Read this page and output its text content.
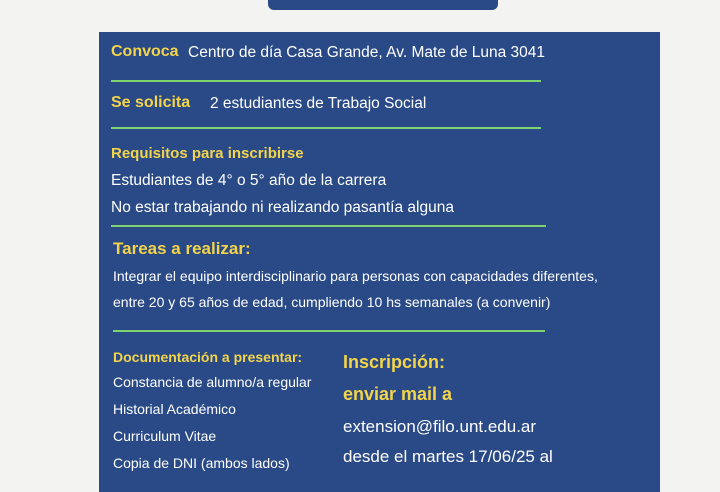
Convoca Centro de día Casa Grande, Av. Mate de Luna 3041
Se solicita 2 estudiantes de Trabajo Social
Requisitos para inscribirse
Estudiantes de 4° o 5° año de la carrera
No estar trabajando ni realizando pasantía alguna
Tareas a realizar:
Integrar el equipo interdisciplinario para personas con capacidades diferentes,
entre 20 y 65 años de edad, cumpliendo 10 hs semanales (a convenir)
Documentación a presentar:
Constancia de alumno/a regular
Historial Académico
Curriculum Vitae
Copia de DNI (ambos lados)
Inscripción:
enviar mail a
extension@filo.unt.edu.ar
desde el martes 17/06/25 al
